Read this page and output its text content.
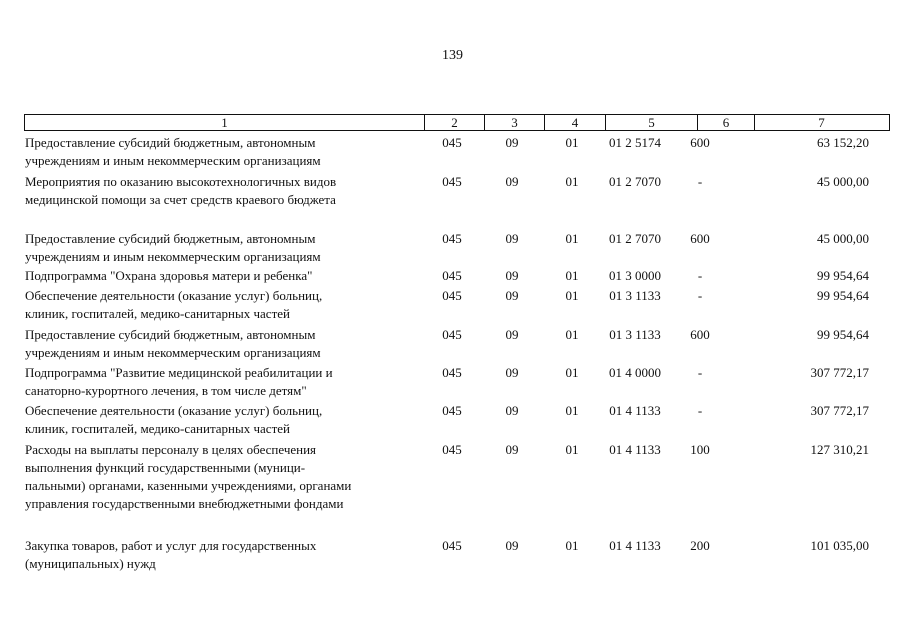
139
1	2	3	4	5	6	7
Предоставление субсидий бюджетным, автономным
учреждениям и иным некоммерческим организациям
045	09	01	01 2 5174	600	63 152,20
Мероприятия по оказанию высокотехнологичных видов
медицинской помощи за счет средств краевого бюджета
045	09	01	01 2 7070	-	45 000,00
Предоставление субсидий бюджетным, автономным
учреждениям и иным некоммерческим организациям
045	09	01	01 2 7070	600	45 000,00
Подпрограмма "Охрана здоровья матери и ребенка"	045	09	01	01 3 0000	-	99 954,64
Обеспечение деятельности (оказание услуг) больниц,
клиник, госпиталей, медико-санитарных частей
045	09	01	01 3 1133	-	99 954,64
Предоставление субсидий бюджетным, автономным
учреждениям и иным некоммерческим организациям
045	09	01	01 3 1133	600	99 954,64
Подпрограмма "Развитие медицинской реабилитации и
санаторно-курортного лечения, в том числе детям"
045	09	01	01 4 0000	-	307 772,17
Обеспечение деятельности (оказание услуг) больниц,
клиник, госпиталей, медико-санитарных частей
045	09	01	01 4 1133	-	307 772,17
Расходы на выплаты персоналу в целях обеспечения
выполнения функций государственными (муници-
пальными) органами, казенными учреждениями, органами
управления государственными внебюджетными фондами
045	09	01	01 4 1133	100	127 310,21
Закупка товаров, работ и услуг для государственных
(муниципальных) нужд
045	09	01	01 4 1133	200	101 035,00
